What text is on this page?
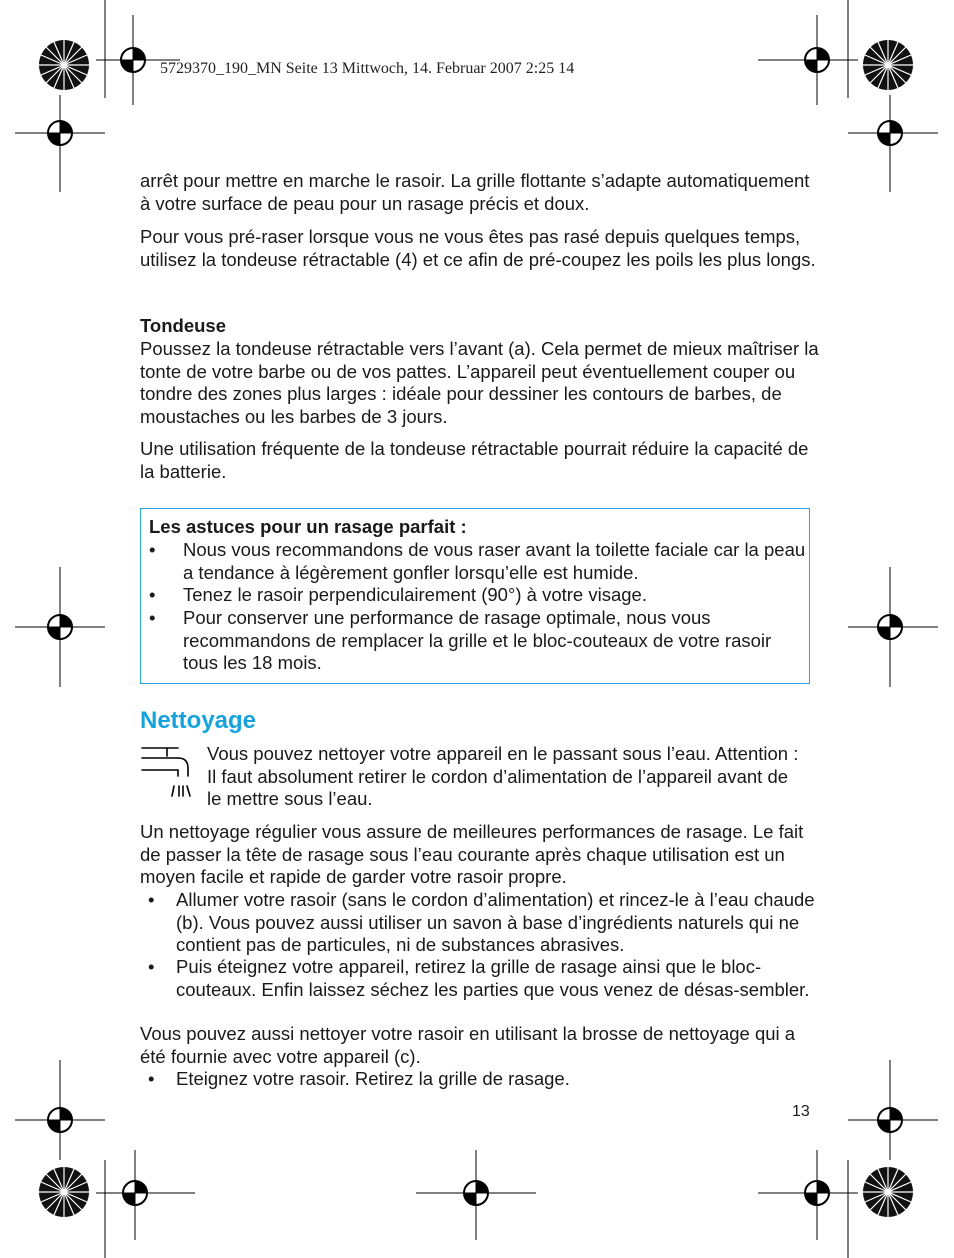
5729370_190_MN Seite 13 Mittwoch, 14. Februar 2007 2:25 14

arrêt pour mettre en marche le rasoir. La grille flottante s’adapte automatiquement à votre surface de peau pour un rasage précis et doux.

Pour vous pré-raser lorsque vous ne vous êtes pas rasé depuis quelques temps, utilisez la tondeuse rétractable (4) et ce afin de pré-coupez les poils les plus longs.

Tondeuse

Poussez la tondeuse rétractable vers l’avant (a). Cela permet de mieux maîtriser la tonte de votre barbe ou de vos pattes. L’appareil peut éventuellement couper ou tondre des zones plus larges : idéale pour dessiner les contours de barbes, de moustaches ou les barbes de 3 jours.

Une utilisation fréquente de la tondeuse rétractable pourrait réduire la capacité de la batterie.

Les astuces pour un rasage parfait :
• Nous vous recommandons de vous raser avant la toilette faciale car la peau a tendance à légèrement gonfler lorsqu’elle est humide.
• Tenez le rasoir perpendiculairement (90°) à votre visage.
• Pour conserver une performance de rasage optimale, nous vous recommandons de remplacer la grille et le bloc-couteaux de votre rasoir tous les 18 mois.
Nettoyage

Vous pouvez nettoyer votre appareil en le passant sous l’eau. Attention : Il faut absolument retirer le cordon d’alimentation de l’appareil avant de le mettre sous l’eau.

Un nettoyage régulier vous assure de meilleures performances de rasage. Le fait de passer la tête de rasage sous l’eau courante après chaque utilisation est un moyen facile et rapide de garder votre rasoir propre.

• Allumer votre rasoir (sans le cordon d’alimentation) et rincez-le à l’eau chaude (b). Vous pouvez aussi utiliser un savon à base d’ingrédients naturels qui ne contient pas de particules, ni de substances abrasives.
• Puis éteignez votre appareil, retirez la grille de rasage ainsi que le bloc-couteaux. Enfin laissez séchez les parties que vous venez de désas-sembler.

Vous pouvez aussi nettoyer votre rasoir en utilisant la brosse de nettoyage qui a été fournie avec votre appareil (c).

• Eteignez votre rasoir. Retirez la grille de rasage.
13
